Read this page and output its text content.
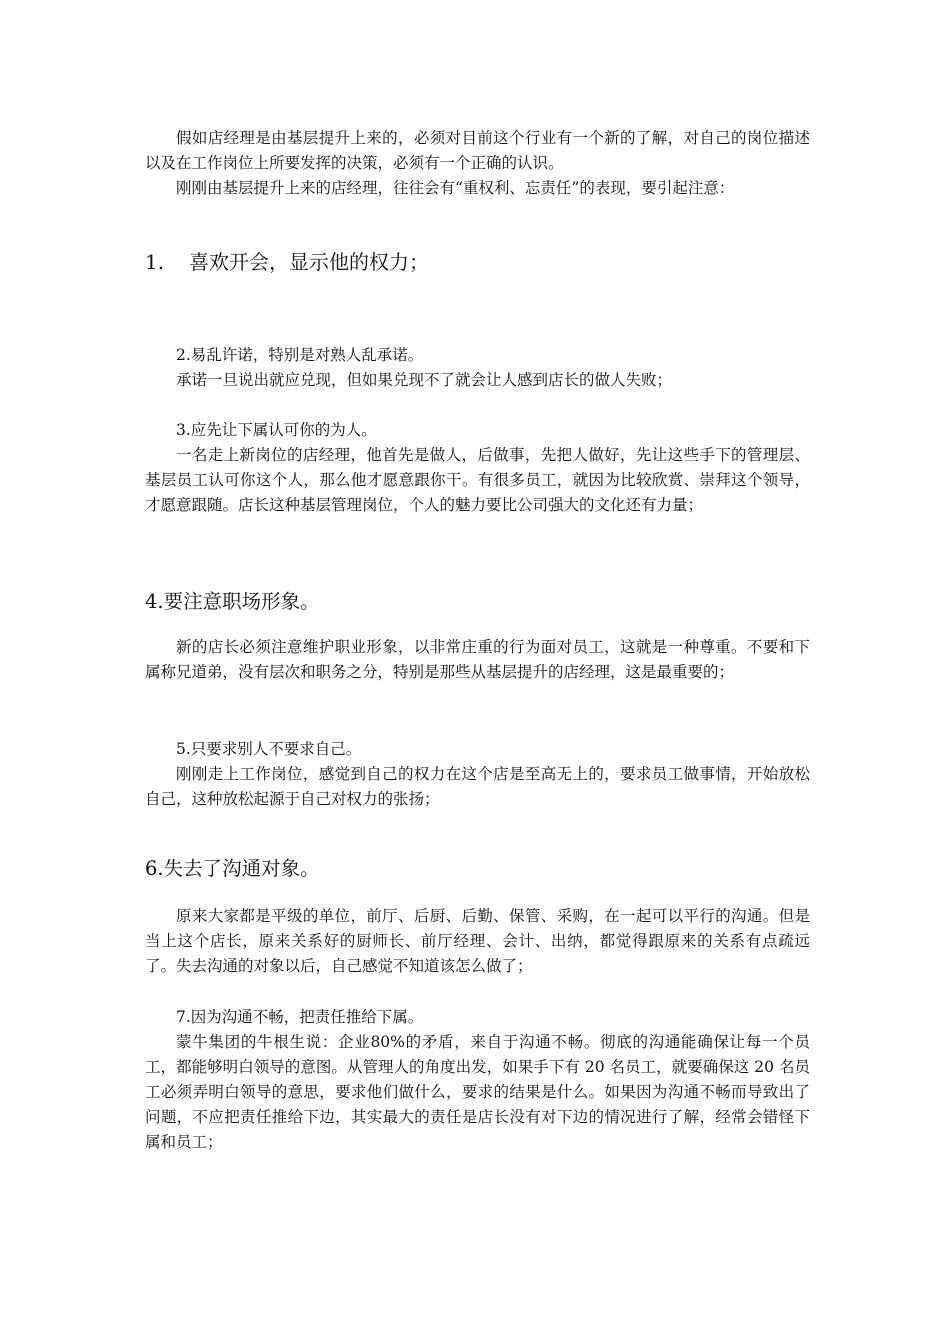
假如店经理是由基层提升上来的，必须对目前这个行业有一个新的了解，对自己的岗位描述以及在工作岗位上所要发挥的决策，必须有一个正确的认识。

刚刚由基层提升上来的店经理，往往会有“重权利、忘责任”的表现，要引起注意：

1. 喜欢开会，显示他的权力；

2.易乱许诺，特别是对熟人乱承诺。

承诺一旦说出就应兑现，但如果兑现不了就会让人感到店长的做人失败；

3.应先让下属认可你的为人。

一名走上新岗位的店经理，他首先是做人，后做事，先把人做好，先让这些手下的管理层、基层员工认可你这个人，那么他才愿意跟你干。有很多员工，就因为比较欣赏、崇拜这个领导，才愿意跟随。店长这种基层管理岗位，个人的魅力要比公司强大的文化还有力量；

4.要注意职场形象。

新的店长必须注意维护职业形象，以非常庄重的行为面对员工，这就是一种尊重。不要和下属称兄道弟，没有层次和职务之分，特别是那些从基层提升的店经理，这是最重要的；

5.只要求别人不要求自己。

刚刚走上工作岗位，感觉到自己的权力在这个店是至高无上的，要求员工做事情，开始放松自己，这种放松起源于自己对权力的张扬；

6.失去了沟通对象。

原来大家都是平级的单位，前厅、后厨、后勤、保管、采购，在一起可以平行的沟通。但是当上这个店长，原来关系好的厨师长、前厅经理、会计、出纳，都觉得跟原来的关系有点疏远了。失去沟通的对象以后，自己感觉不知道该怎么做了；

7.因为沟通不畅，把责任推给下属。

蒙牛集团的牛根生说：企业80%的矛盾，来自于沟通不畅。彻底的沟通能确保让每一个员工，都能够明白领导的意图。从管理人的角度出发，如果手下有 20 名员工，就要确保这 20 名员工必须弄明白领导的意思，要求他们做什么，要求的结果是什么。如果因为沟通不畅而导致出了问题，不应把责任推给下边，其实最大的责任是店长没有对下边的情况进行了解，经常会错怪下属和员工；
